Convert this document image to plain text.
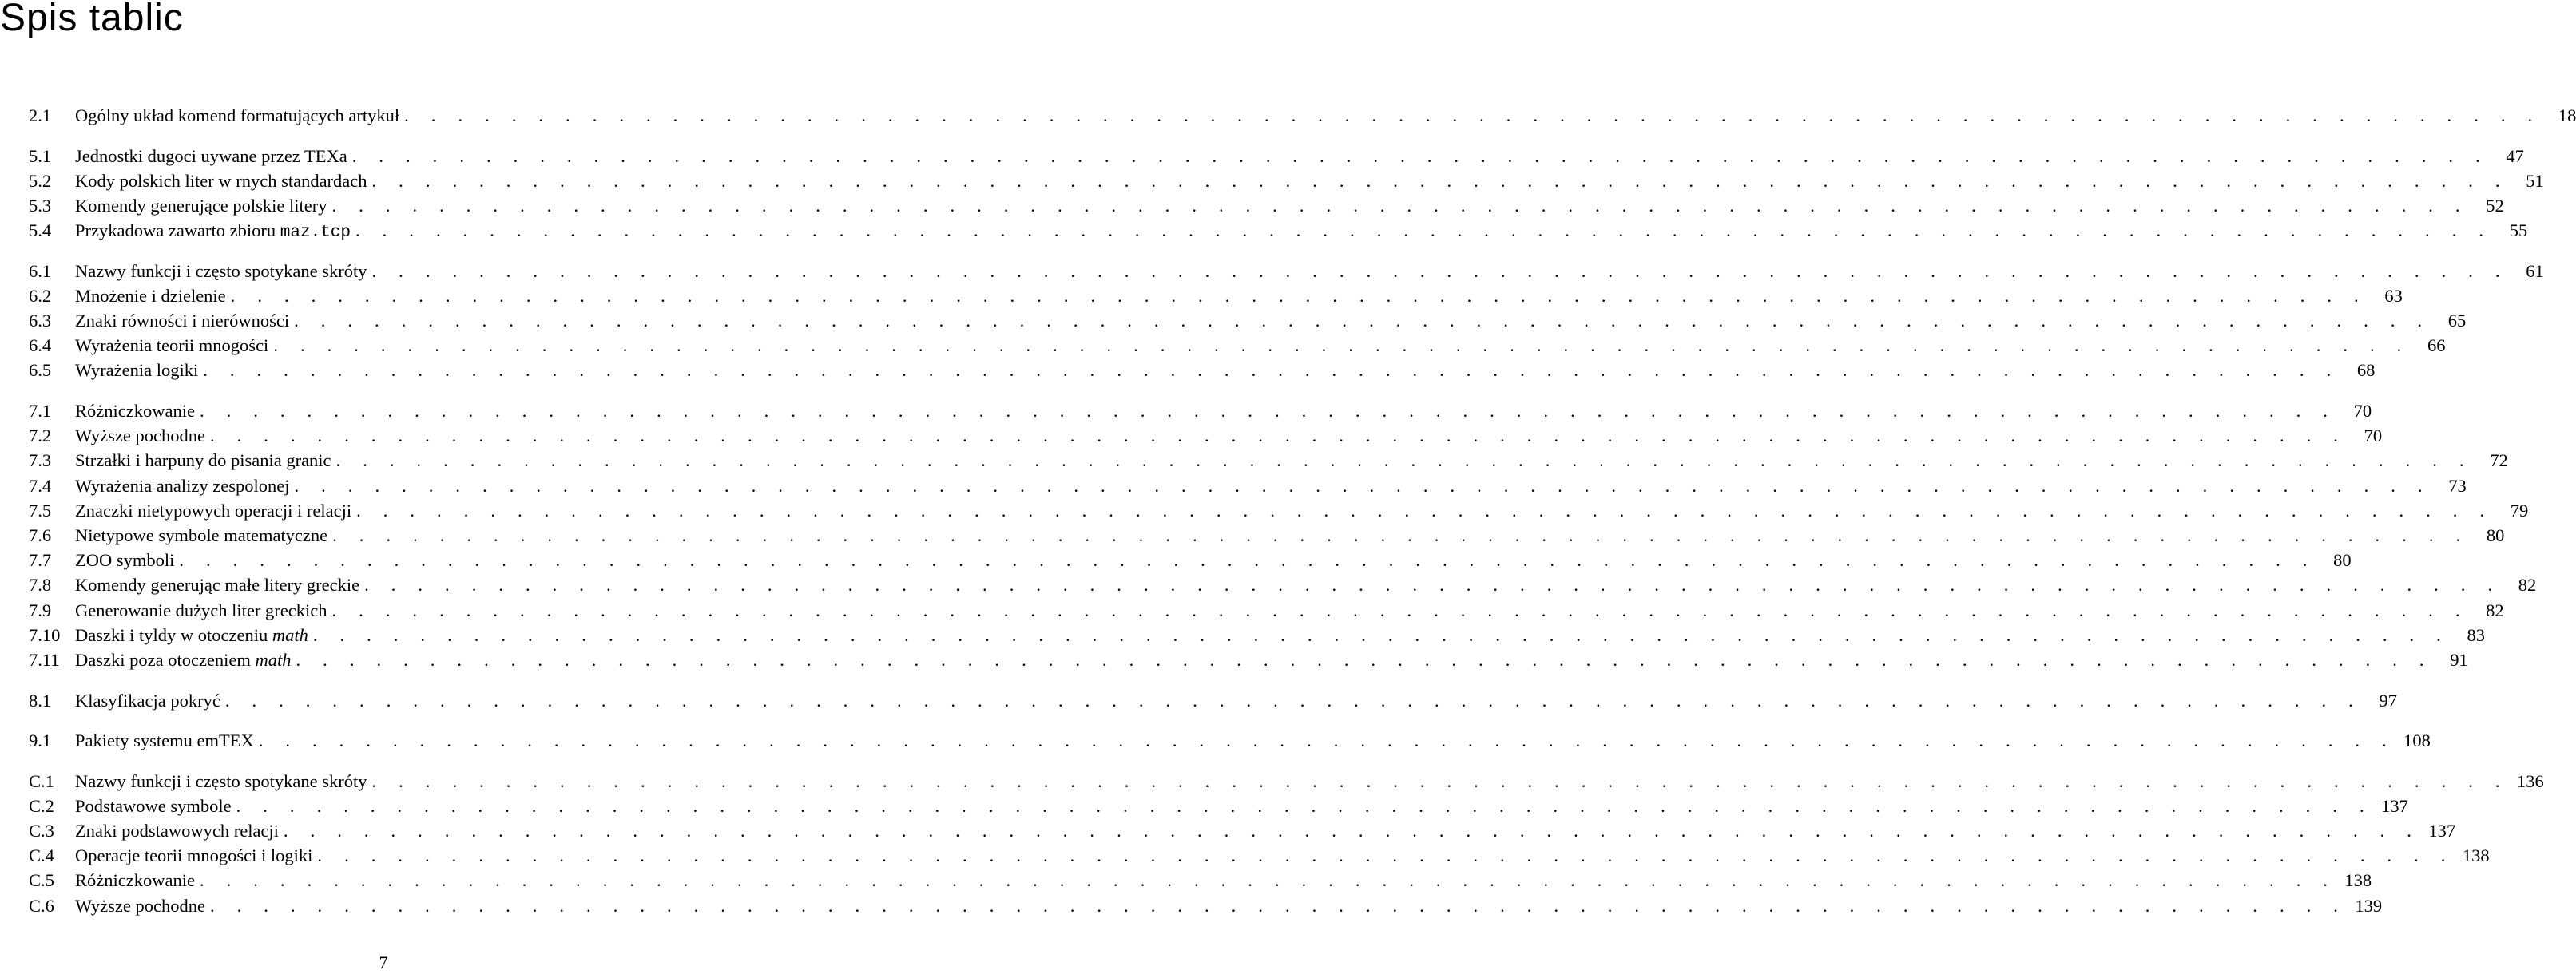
Spis tablic
2.1	Ogólny układ komend formatujących artykuł . . . . . . . . . . . . . . . . . . . . . . . . . . . . . . . . . . . . . . . . . . . . . . . . . . . . . . . . . . . . . . . . . . . . . . . . . . . . . . . . 18
5.1	Jednostki dugoci uywane przez TEXa . . . . . . . . . . . . . . . . . . . . . . . . . . . . . . . . . . . . . . . . . . . . . . . . . . . . . . . . . . . . . . . . . . . . . . . . . . . . . . . . 47
5.2	Kody polskich liter w rnych standardach . . . . . . . . . . . . . . . . . . . . . . . . . . . . . . . . . . . . . . . . . . . . . . . . . . . . . . . . . . . . . . . . . . . . . . . . . . . . . . . . 51
5.3	Komendy generujące polskie litery . . . . . . . . . . . . . . . . . . . . . . . . . . . . . . . . . . . . . . . . . . . . . . . . . . . . . . . . . . . . . . . . . . . . . . . . . . . . . . . . 52
5.4	Przykadowa zawarto zbioru maz.tcp . . . . . . . . . . . . . . . . . . . . . . . . . . . . . . . . . . . . . . . . . . . . . . . . . . . . . . . . . . . . . . . . . . . . . . . . . . . . . . . . 55
6.1	Nazwy funkcji i często spotykane skróty . . . . . . . . . . . . . . . . . . . . . . . . . . . . . . . . . . . . . . . . . . . . . . . . . . . . . . . . . . . . . . . . . . . . . . . . . . . . . . . . 61
6.2	Mnożenie i dzielenie . . . . . . . . . . . . . . . . . . . . . . . . . . . . . . . . . . . . . . . . . . . . . . . . . . . . . . . . . . . . . . . . . . . . . . . . . . . . . . . . 63
6.3	Znaki równości i nierówności . . . . . . . . . . . . . . . . . . . . . . . . . . . . . . . . . . . . . . . . . . . . . . . . . . . . . . . . . . . . . . . . . . . . . . . . . . . . . . . . 65
6.4	Wyrażenia teorii mnogości . . . . . . . . . . . . . . . . . . . . . . . . . . . . . . . . . . . . . . . . . . . . . . . . . . . . . . . . . . . . . . . . . . . . . . . . . . . . . . . . 66
6.5	Wyrażenia logiki . . . . . . . . . . . . . . . . . . . . . . . . . . . . . . . . . . . . . . . . . . . . . . . . . . . . . . . . . . . . . . . . . . . . . . . . . . . . . . . . 68
7.1	Różniczkowanie . . . . . . . . . . . . . . . . . . . . . . . . . . . . . . . . . . . . . . . . . . . . . . . . . . . . . . . . . . . . . . . . . . . . . . . . . . . . . . . . 70
7.2	Wyższe pochodne . . . . . . . . . . . . . . . . . . . . . . . . . . . . . . . . . . . . . . . . . . . . . . . . . . . . . . . . . . . . . . . . . . . . . . . . . . . . . . . . 70
7.3	Strzałki i harpuny do pisania granic . . . . . . . . . . . . . . . . . . . . . . . . . . . . . . . . . . . . . . . . . . . . . . . . . . . . . . . . . . . . . . . . . . . . . . . . . . . . . . . . 72
7.4	Wyrażenia analizy zespolonej . . . . . . . . . . . . . . . . . . . . . . . . . . . . . . . . . . . . . . . . . . . . . . . . . . . . . . . . . . . . . . . . . . . . . . . . . . . . . . . . 73
7.5	Znaczki nietypowych operacji i relacji . . . . . . . . . . . . . . . . . . . . . . . . . . . . . . . . . . . . . . . . . . . . . . . . . . . . . . . . . . . . . . . . . . . . . . . . . . . . . . . . 79
7.6	Nietypowe symbole matematyczne . . . . . . . . . . . . . . . . . . . . . . . . . . . . . . . . . . . . . . . . . . . . . . . . . . . . . . . . . . . . . . . . . . . . . . . . . . . . . . . . 80
7.7	ZOO symboli . . . . . . . . . . . . . . . . . . . . . . . . . . . . . . . . . . . . . . . . . . . . . . . . . . . . . . . . . . . . . . . . . . . . . . . . . . . . . . . . 80
7.8	Komendy generując małe litery greckie . . . . . . . . . . . . . . . . . . . . . . . . . . . . . . . . . . . . . . . . . . . . . . . . . . . . . . . . . . . . . . . . . . . . . . . . . . . . . . . . 82
7.9	Generowanie dużych liter greckich . . . . . . . . . . . . . . . . . . . . . . . . . . . . . . . . . . . . . . . . . . . . . . . . . . . . . . . . . . . . . . . . . . . . . . . . . . . . . . . . 82
7.10 Daszki i tyldy w otoczeniu math . . . . . . . . . . . . . . . . . . . . . . . . . . . . . . . . . . . . . . . . . . . . . . . . . . . . . . . . . . . . . . . . . . . . . . . . . . . . . . . . 83
7.11 Daszki poza otoczeniem math . . . . . . . . . . . . . . . . . . . . . . . . . . . . . . . . . . . . . . . . . . . . . . . . . . . . . . . . . . . . . . . . . . . . . . . . . . . . . . . . 91
8.1	Klasyfikacja pokryć . . . . . . . . . . . . . . . . . . . . . . . . . . . . . . . . . . . . . . . . . . . . . . . . . . . . . . . . . . . . . . . . . . . . . . . . . . . . . . . . 97
9.1	Pakiety systemu emTEX . . . . . . . . . . . . . . . . . . . . . . . . . . . . . . . . . . . . . . . . . . . . . . . . . . . . . . . . . . . . . . . . . . . . . . . . . . . . . . . . 108
C.1	Nazwy funkcji i często spotykane skróty . . . . . . . . . . . . . . . . . . . . . . . . . . . . . . . . . . . . . . . . . . . . . . . . . . . . . . . . . . . . . . . . . . . . . . . . . . . . . . . . 136
C.2	Podstawowe symbole . . . . . . . . . . . . . . . . . . . . . . . . . . . . . . . . . . . . . . . . . . . . . . . . . . . . . . . . . . . . . . . . . . . . . . . . . . . . . . . . 137
C.3	Znaki podstawowych relacji . . . . . . . . . . . . . . . . . . . . . . . . . . . . . . . . . . . . . . . . . . . . . . . . . . . . . . . . . . . . . . . . . . . . . . . . . . . . . . . . 137
C.4	Operacje teorii mnogości i logiki . . . . . . . . . . . . . . . . . . . . . . . . . . . . . . . . . . . . . . . . . . . . . . . . . . . . . . . . . . . . . . . . . . . . . . . . . . . . . . . . 138
C.5	Różniczkowanie . . . . . . . . . . . . . . . . . . . . . . . . . . . . . . . . . . . . . . . . . . . . . . . . . . . . . . . . . . . . . . . . . . . . . . . . . . . . . . . . 138
C.6	Wyższe pochodne . . . . . . . . . . . . . . . . . . . . . . . . . . . . . . . . . . . . . . . . . . . . . . . . . . . . . . . . . . . . . . . . . . . . . . . . . . . . . . . . 139
7
